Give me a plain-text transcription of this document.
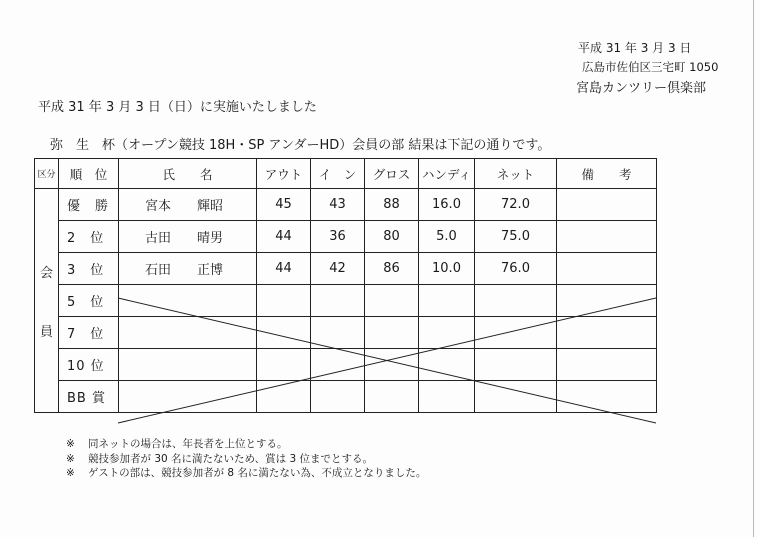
平成 31 年 3 月 3 日
広島市佐伯区三宅町 1050
宮島カンツリー倶楽部
平成 31 年 3 月 3 日（日）に実施いたしました
弥　生　杯（オープン競技 18H・SP アンダーHD）会員の部 結果は下記の通りです。
区分	順　位	氏　　名	アウト	イ　ン	グロス	ハンディ	ネット	備　　考

会
員	優　勝	宮本 輝昭	45	43	88	16.0	72.0	
	2　位	古田 晴男	44	36	80	5.0	75.0	
	3　位	石田 正博	44	42	86	10.0	76.0	
	5　位							
	7　位							
	10 位							
	BB 賞							
※ 同ネットの場合は、年長者を上位とする。
※ 競技参加者が 30 名に満たないため、賞は 3 位までとする。
※ ゲストの部は、競技参加者が 8 名に満たない為、不成立となりました。
